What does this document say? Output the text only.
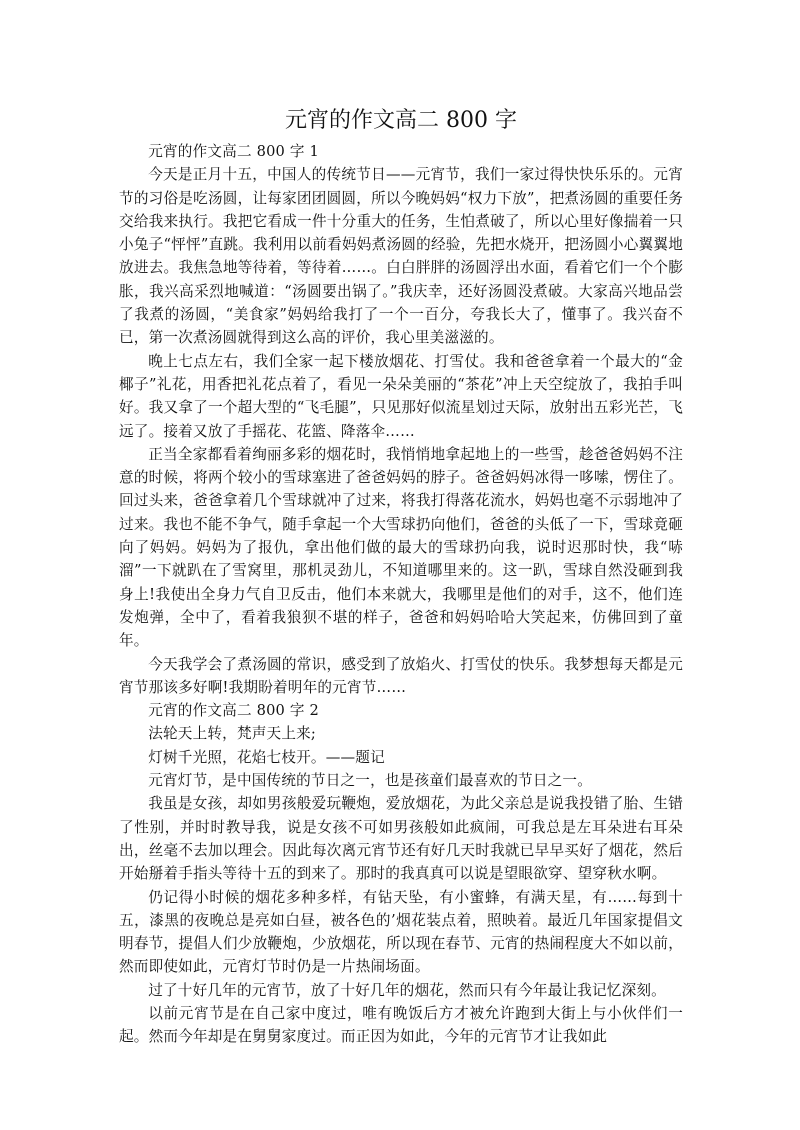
元宵的作文高二 800 字

元宵的作文高二 800 字 1

今天是正月十五，中国人的传统节日——元宵节，我们一家过得快快乐乐的。元宵节的习俗是吃汤圆，让每家团团圆圆，所以今晚妈妈“权力下放”，把煮汤圆的重要任务交给我来执行。我把它看成一件十分重大的任务，生怕煮破了，所以心里好像揣着一只小兔子“怦怦”直跳。我利用以前看妈妈煮汤圆的经验，先把水烧开，把汤圆小心翼翼地放进去。我焦急地等待着，等待着……。白白胖胖的汤圆浮出水面，看着它们一个个膨胀，我兴高采烈地喊道：“汤圆要出锅了。”我庆幸，还好汤圆没煮破。大家高兴地品尝了我煮的汤圆，“美食家”妈妈给我打了一个一百分，夸我长大了，懂事了。我兴奋不已，第一次煮汤圆就得到这么高的评价，我心里美滋滋的。

晚上七点左右，我们全家一起下楼放烟花、打雪仗。我和爸爸拿着一个最大的“金椰子”礼花，用香把礼花点着了，看见一朵朵美丽的“茶花”冲上天空绽放了，我拍手叫好。我又拿了一个超大型的“飞毛腿”，只见那好似流星划过天际，放射出五彩光芒，飞远了。接着又放了手摇花、花篮、降落伞……

正当全家都看着绚丽多彩的烟花时，我悄悄地拿起地上的一些雪，趁爸爸妈妈不注意的时候，将两个较小的雪球塞进了爸爸妈妈的脖子。爸爸妈妈冰得一哆嗦，愣住了。回过头来，爸爸拿着几个雪球就冲了过来，将我打得落花流水，妈妈也毫不示弱地冲了过来。我也不能不争气，随手拿起一个大雪球扔向他们，爸爸的头低了一下，雪球竟砸向了妈妈。妈妈为了报仇，拿出他们做的最大的雪球扔向我，说时迟那时快，我“哧溜”一下就趴在了雪窝里，那机灵劲儿，不知道哪里来的。这一趴，雪球自然没砸到我身上!我使出全身力气自卫反击，他们本来就大，我哪里是他们的对手，这不，他们连发炮弹，全中了，看着我狼狈不堪的样子，爸爸和妈妈哈哈大笑起来，仿佛回到了童年。

今天我学会了煮汤圆的常识，感受到了放焰火、打雪仗的快乐。我梦想每天都是元宵节那该多好啊!我期盼着明年的元宵节……

元宵的作文高二 800 字 2

法轮天上转，梵声天上来;

灯树千光照，花焰七枝开。——题记

元宵灯节，是中国传统的节日之一，也是孩童们最喜欢的节日之一。

我虽是女孩，却如男孩般爱玩鞭炮，爱放烟花，为此父亲总是说我投错了胎、生错了性别，并时时教导我，说是女孩不可如男孩般如此疯闹，可我总是左耳朵进右耳朵出，丝毫不去加以理会。因此每次离元宵节还有好几天时我就已早早买好了烟花，然后开始掰着手指头等待十五的到来了。那时的我真真可以说是望眼欲穿、望穿秋水啊。

仍记得小时候的烟花多种多样，有钻天坠，有小蜜蜂，有满天星，有……每到十五，漆黑的夜晚总是亮如白昼，被各色的’烟花装点着，照映着。最近几年国家提倡文明春节，提倡人们少放鞭炮，少放烟花，所以现在春节、元宵的热闹程度大不如以前，然而即使如此，元宵灯节时仍是一片热闹场面。

过了十好几年的元宵节，放了十好几年的烟花，然而只有今年最让我记忆深刻。

以前元宵节是在自己家中度过，唯有晚饭后方才被允许跑到大街上与小伙伴们一起。然而今年却是在舅舅家度过。而正因为如此，今年的元宵节才让我如此
